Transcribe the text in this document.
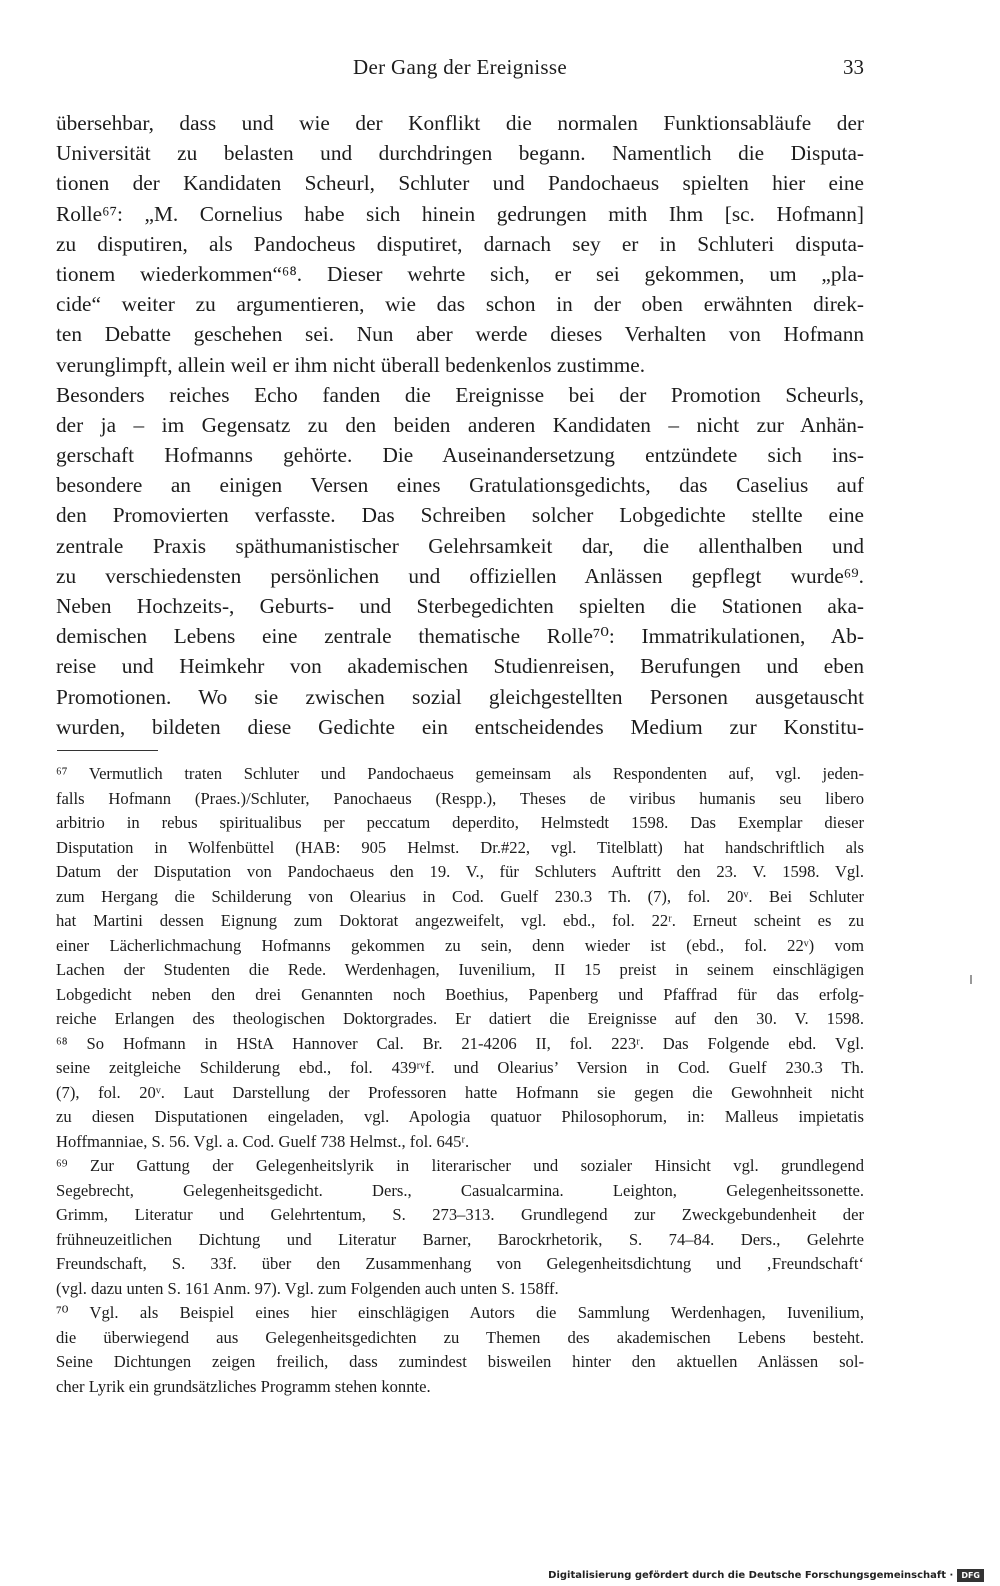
Der Gang der Ereignisse	33
übersehbar, dass und wie der Konflikt die normalen Funktionsabläufe der
Universität zu belasten und durchdringen begann. Namentlich die Disputa-
tionen der Kandidaten Scheurl, Schluter und Pandochaeus spielten hier eine
Rolle⁶⁷: „M. Cornelius habe sich hinein gedrungen mith Ihm [sc. Hofmann]
zu disputiren, als Pandocheus disputiret, darnach sey er in Schluteri disputa-
tionem wiederkommen“⁶⁸. Dieser wehrte sich, er sei gekommen, um „pla-
cide“ weiter zu argumentieren, wie das schon in der oben erwähnten direk-
ten Debatte geschehen sei. Nun aber werde dieses Verhalten von Hofmann
verunglimpft, allein weil er ihm nicht überall bedenkenlos zustimme.
Besonders reiches Echo fanden die Ereignisse bei der Promotion Scheurls,
der ja – im Gegensatz zu den beiden anderen Kandidaten – nicht zur Anhän-
gerschaft Hofmanns gehörte. Die Auseinandersetzung entzündete sich ins-
besondere an einigen Versen eines Gratulationsgedichts, das Caselius auf
den Promovierten verfasste. Das Schreiben solcher Lobgedichte stellte eine
zentrale Praxis späthumanistischer Gelehrsamkeit dar, die allenthalben und
zu verschiedensten persönlichen und offiziellen Anlässen gepflegt wurde⁶⁹.
Neben Hochzeits-, Geburts- und Sterbegedichten spielten die Stationen aka-
demischen Lebens eine zentrale thematische Rolle⁷⁰: Immatrikulationen, Ab-
reise und Heimkehr von akademischen Studienreisen, Berufungen und eben
Promotionen. Wo sie zwischen sozial gleichgestellten Personen ausgetauscht
wurden, bildeten diese Gedichte ein entscheidendes Medium zur Konstitu-
⁶⁷ Vermutlich traten Schluter und Pandochaeus gemeinsam als Respondenten auf, vgl. jeden-
falls Hofmann (Praes.)/Schluter, Panochaeus (Respp.), Theses de viribus humanis seu libero
arbitrio in rebus spiritualibus per peccatum deperdito, Helmstedt 1598. Das Exemplar dieser
Disputation in Wolfenbüttel (HAB: 905 Helmst. Dr.#22, vgl. Titelblatt) hat handschriftlich als
Datum der Disputation von Pandochaeus den 19. V., für Schluters Auftritt den 23. V. 1598. Vgl.
zum Hergang die Schilderung von Olearius in Cod. Guelf 230.3 Th. (7), fol. 20ᵛ. Bei Schluter
hat Martini dessen Eignung zum Doktorat angezweifelt, vgl. ebd., fol. 22ʳ. Erneut scheint es zu
einer Lächerlichmachung Hofmanns gekommen zu sein, denn wieder ist (ebd., fol. 22ᵛ) vom
Lachen der Studenten die Rede. Werdenhagen, Iuvenilium, II 15 preist in seinem einschlägigen
Lobgedicht neben den drei Genannten noch Boethius, Papenberg und Pfaffrad für das erfolg-
reiche Erlangen des theologischen Doktorgrades. Er datiert die Ereignisse auf den 30. V. 1598.
⁶⁸ So Hofmann in HStA Hannover Cal. Br. 21-4206 II, fol. 223ʳ. Das Folgende ebd. Vgl.
seine zeitgleiche Schilderung ebd., fol. 439ʳᵛf. und Olearius’ Version in Cod. Guelf 230.3 Th.
(7), fol. 20ᵛ. Laut Darstellung der Professoren hatte Hofmann sie gegen die Gewohnheit nicht
zu diesen Disputationen eingeladen, vgl. Apologia quatuor Philosophorum, in: Malleus impietatis
Hoffmanniae, S. 56. Vgl. a. Cod. Guelf 738 Helmst., fol. 645ʳ.
⁶⁹ Zur Gattung der Gelegenheitslyrik in literarischer und sozialer Hinsicht vgl. grundlegend
Segebrecht, Gelegenheitsgedicht. Ders., Casualcarmina. Leighton, Gelegenheitssonette.
Grimm, Literatur und Gelehrtentum, S. 273–313. Grundlegend zur Zweckgebundenheit der
frühneuzeitlichen Dichtung und Literatur Barner, Barockrhetorik, S. 74–84. Ders., Gelehrte
Freundschaft, S. 33f. über den Zusammenhang von Gelegenheitsdichtung und ‚Freundschaft‘
(vgl. dazu unten S. 161 Anm. 97). Vgl. zum Folgenden auch unten S. 158ff.
⁷⁰ Vgl. als Beispiel eines hier einschlägigen Autors die Sammlung Werdenhagen, Iuvenilium,
die überwiegend aus Gelegenheitsgedichten zu Themen des akademischen Lebens besteht.
Seine Dichtungen zeigen freilich, dass zumindest bisweilen hinter den aktuellen Anlässen sol-
cher Lyrik ein grundsätzliches Programm stehen konnte.
Digitalisierung gefördert durch die Deutsche Forschungsgemeinschaft ·	DFG
